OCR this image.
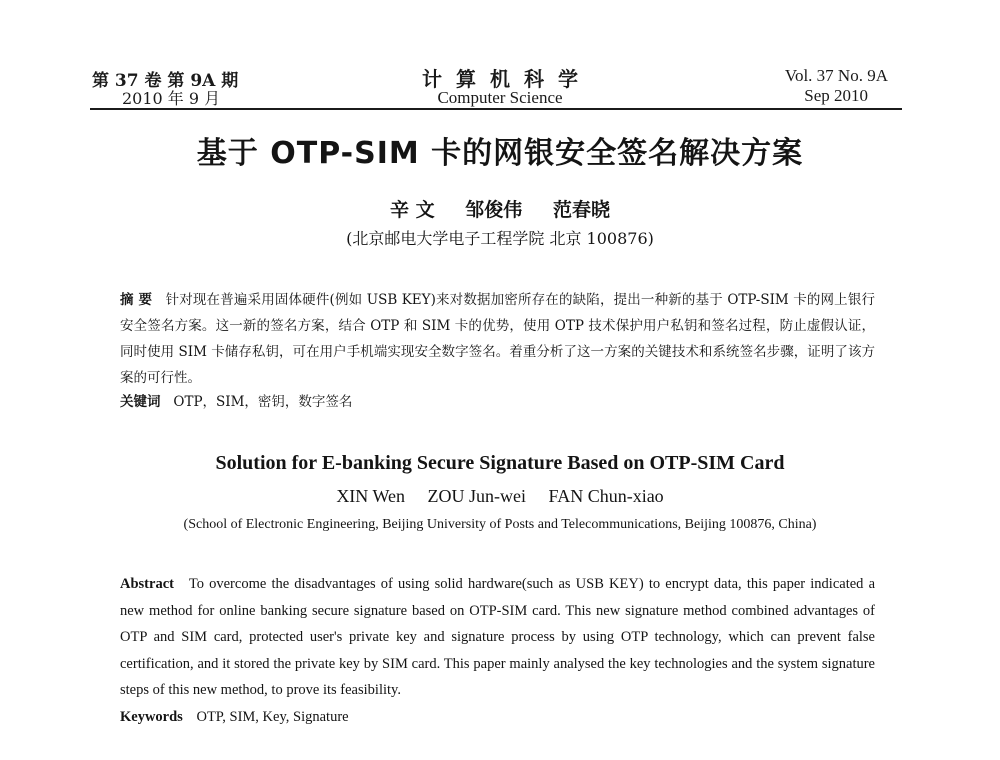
第 37 卷 第 9A 期
2010 年 9 月
计算机科学
Computer Science
Vol. 37 No. 9A
Sep 2010
基于 OTP-SIM 卡的网银安全签名解决方案
辛 文 邹俊伟 范春晓
(北京邮电大学电子工程学院 北京 100876)
摘 要 针对现在普遍采用固体硬件(例如 USB KEY)来对数据加密所存在的缺陷，提出一种新的基于 OTP-SIM 卡的网上银行安全签名方案。这一新的签名方案，结合 OTP 和 SIM 卡的优势，使用 OTP 技术保护用户私钥和签名过程，防止虚假认证，同时使用 SIM 卡储存私钥，可在用户手机端实现安全数字签名。着重分析了这一方案的关键技术和系统签名步骤，证明了该方案的可行性。
关键词 OTP，SIM，密钥，数字签名
Solution for E-banking Secure Signature Based on OTP-SIM Card
XIN Wen ZOU Jun-wei FAN Chun-xiao
(School of Electronic Engineering, Beijing University of Posts and Telecommunications, Beijing 100876, China)
Abstract To overcome the disadvantages of using solid hardware(such as USB KEY) to encrypt data, this paper indicated a new method for online banking secure signature based on OTP-SIM card. This new signature method combined advantages of OTP and SIM card, protected user's private key and signature process by using OTP technology, which can prevent false certification, and it stored the private key by SIM card. This paper mainly analysed the key technologies and the system signature steps of this new method, to prove its feasibility.
Keywords OTP, SIM, Key, Signature
